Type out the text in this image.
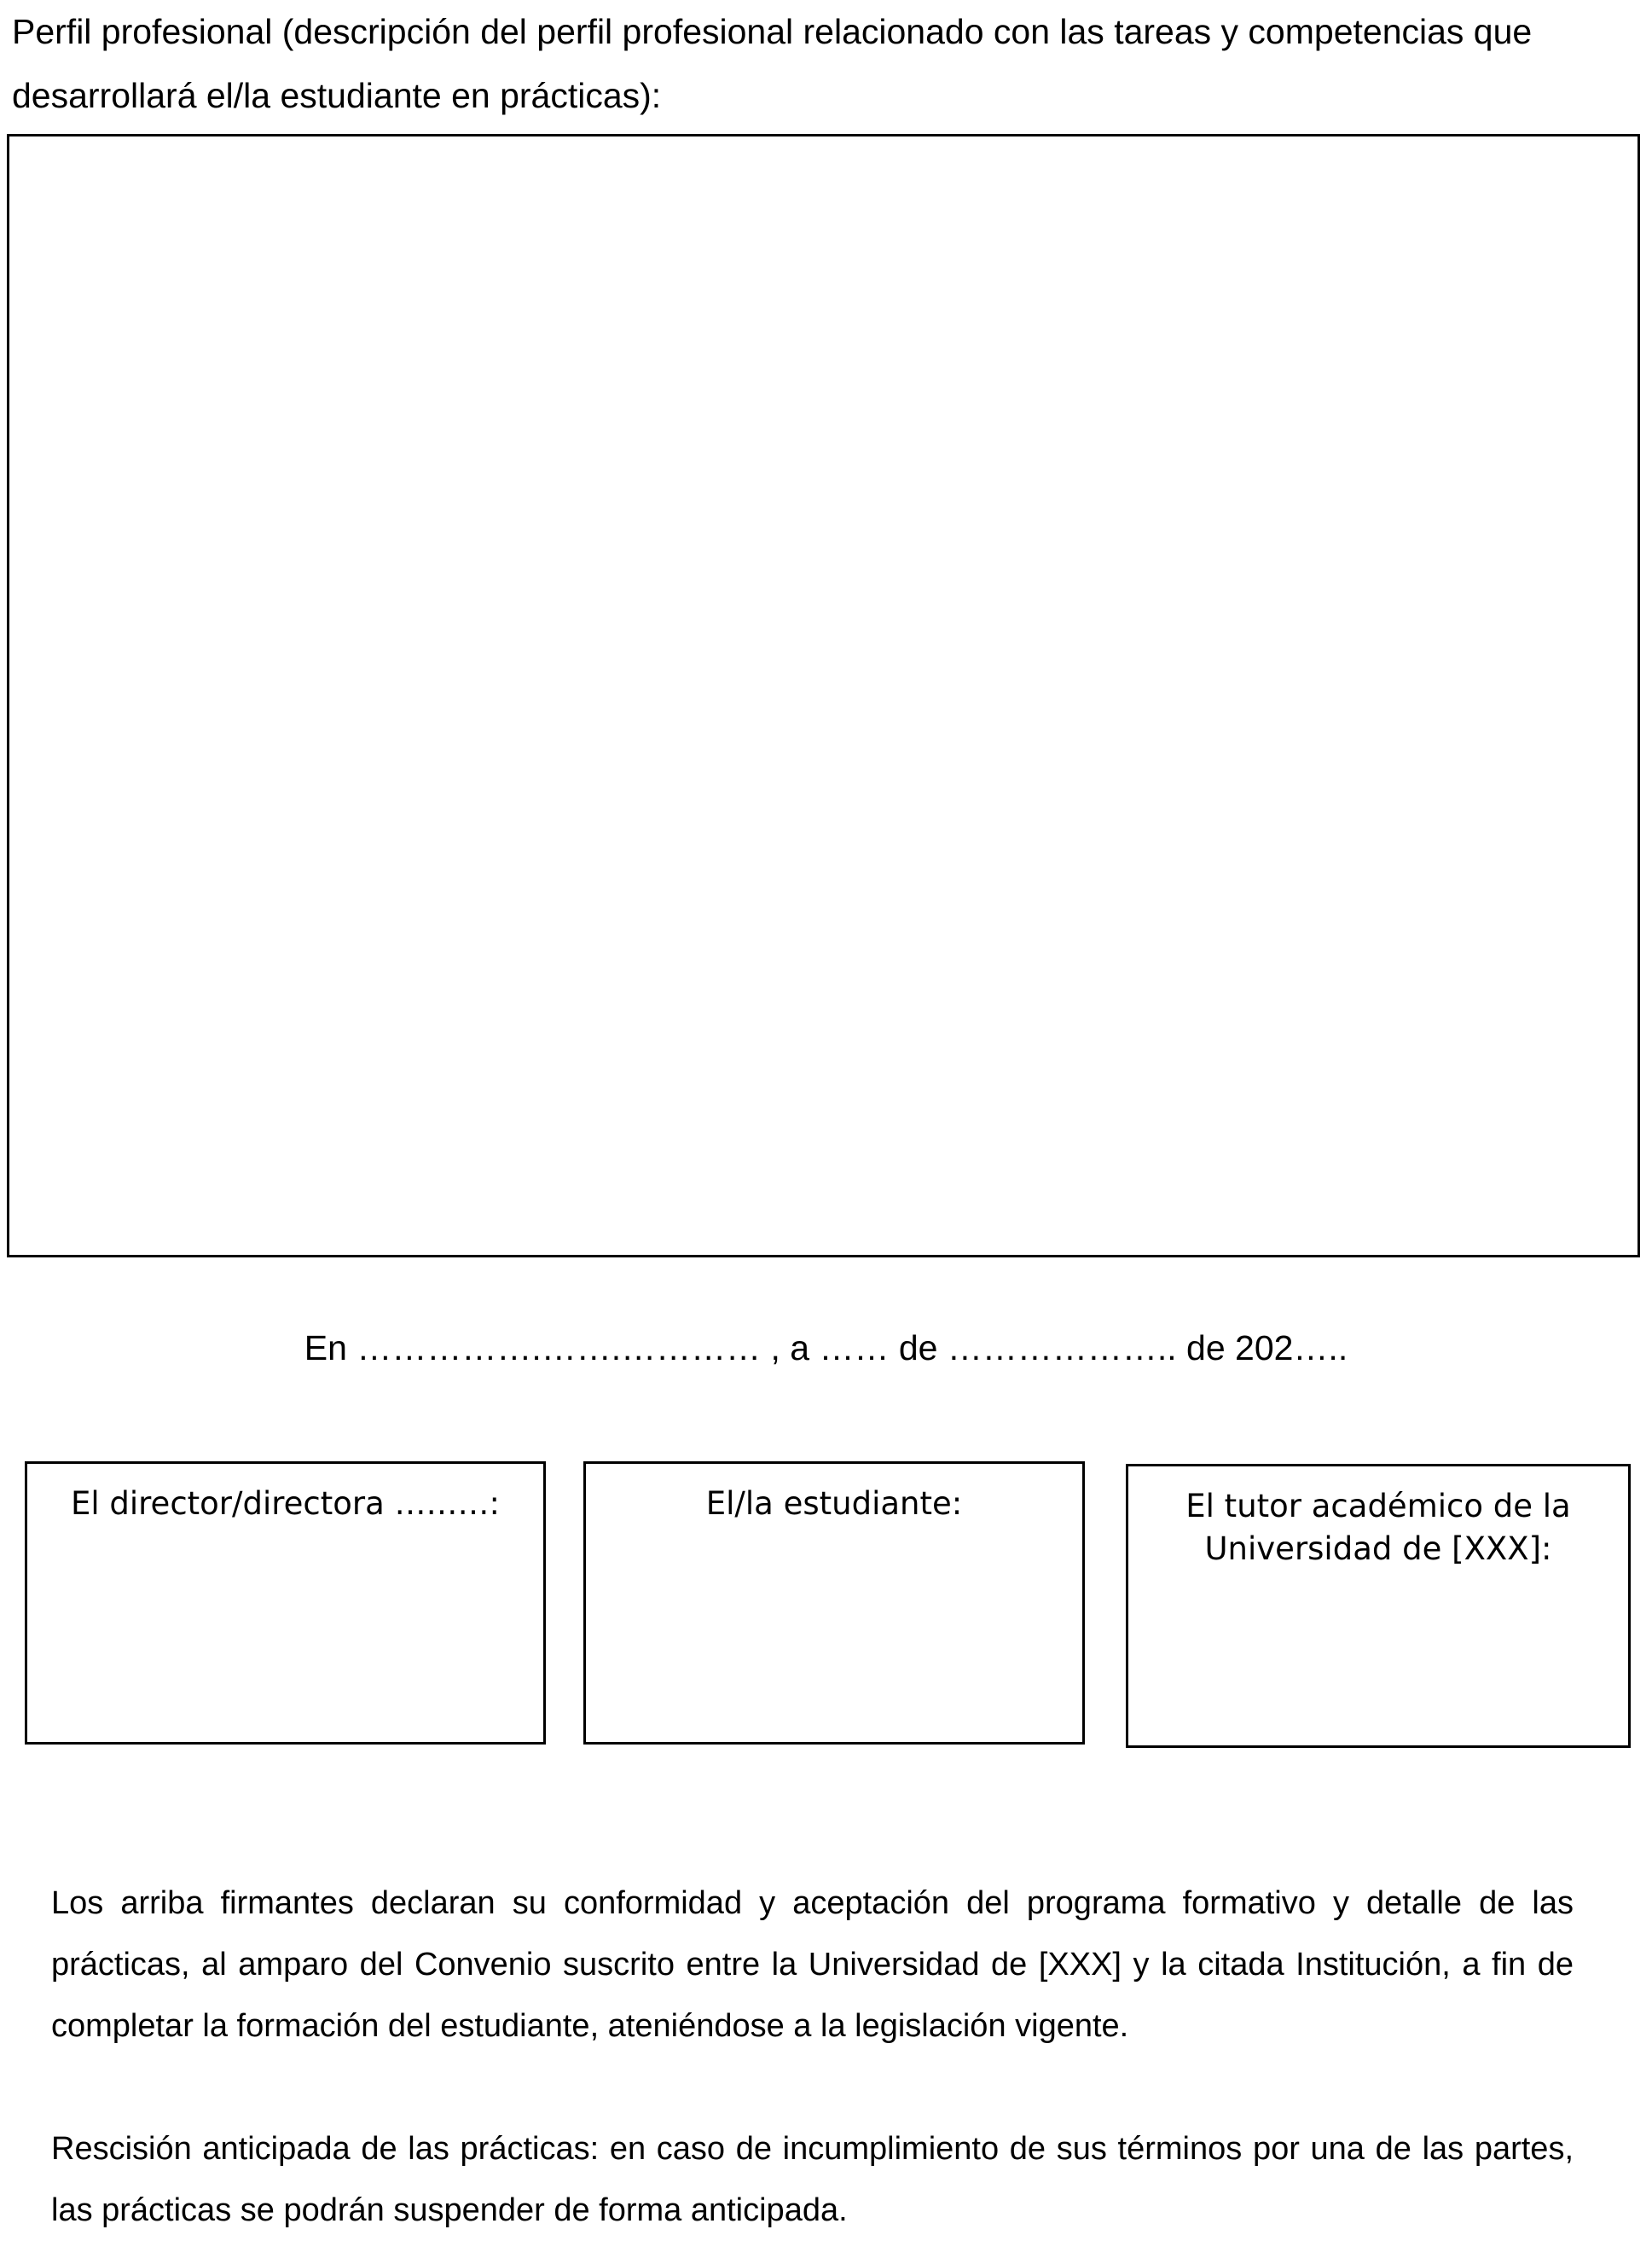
Perfil profesional (descripción del perfil profesional relacionado con las tareas y competencias que desarrollará el/la estudiante en prácticas):

En …………….…….………… , a …… de ……………….. de 202…..

El director/directora ………:	El/la estudiante:	El tutor académico de la Universidad de [XXX]:

Los arriba firmantes declaran su conformidad y aceptación del programa formativo y detalle de las prácticas, al amparo del Convenio suscrito entre la Universidad de [XXX] y la citada Institución, a fin de completar la formación del estudiante, ateniéndose a la legislación vigente.

Rescisión anticipada de las prácticas: en caso de incumplimiento de sus términos por una de las partes, las prácticas se podrán suspender de forma anticipada.
